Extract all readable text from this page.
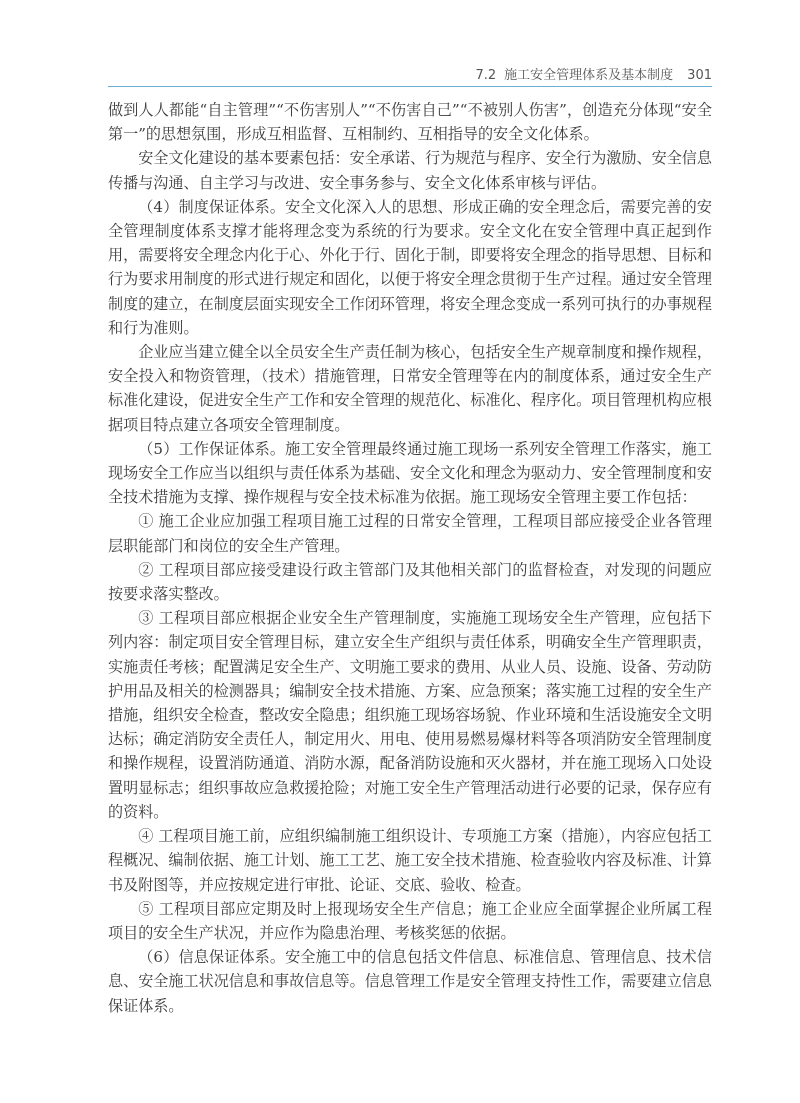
7.2 施工安全管理体系及基本制度 301

做到人人都能“自主管理”“不伤害别人”“不伤害自己”“不被别人伤害”，创造充分体现“安全第一”的思想氛围，形成互相监督、互相制约、互相指导的安全文化体系。

安全文化建设的基本要素包括：安全承诺、行为规范与程序、安全行为激励、安全信息传播与沟通、自主学习与改进、安全事务参与、安全文化体系审核与评估。

（4）制度保证体系。安全文化深入人的思想、形成正确的安全理念后，需要完善的安全管理制度体系支撑才能将理念变为系统的行为要求。安全文化在安全管理中真正起到作用，需要将安全理念内化于心、外化于行、固化于制，即要将安全理念的指导思想、目标和行为要求用制度的形式进行规定和固化，以便于将安全理念贯彻于生产过程。通过安全管理制度的建立，在制度层面实现安全工作闭环管理，将安全理念变成一系列可执行的办事规程和行为准则。

企业应当建立健全以全员安全生产责任制为核心，包括安全生产规章制度和操作规程，安全投入和物资管理，（技术）措施管理，日常安全管理等在内的制度体系，通过安全生产标准化建设，促进安全生产工作和安全管理的规范化、标准化、程序化。项目管理机构应根据项目特点建立各项安全管理制度。

（5）工作保证体系。施工安全管理最终通过施工现场一系列安全管理工作落实，施工现场安全工作应当以组织与责任体系为基础、安全文化和理念为驱动力、安全管理制度和安全技术措施为支撑、操作规程与安全技术标准为依据。施工现场安全管理主要工作包括：

① 施工企业应加强工程项目施工过程的日常安全管理，工程项目部应接受企业各管理层职能部门和岗位的安全生产管理。

② 工程项目部应接受建设行政主管部门及其他相关部门的监督检查，对发现的问题应按要求落实整改。

③ 工程项目部应根据企业安全生产管理制度，实施施工现场安全生产管理，应包括下列内容：制定项目安全管理目标，建立安全生产组织与责任体系，明确安全生产管理职责，实施责任考核；配置满足安全生产、文明施工要求的费用、从业人员、设施、设备、劳动防护用品及相关的检测器具；编制安全技术措施、方案、应急预案；落实施工过程的安全生产措施，组织安全检查，整改安全隐患；组织施工现场容场貌、作业环境和生活设施安全文明达标；确定消防安全责任人，制定用火、用电、使用易燃易爆材料等各项消防安全管理制度和操作规程，设置消防通道、消防水源，配备消防设施和灭火器材，并在施工现场入口处设置明显标志；组织事故应急救援抢险；对施工安全生产管理活动进行必要的记录，保存应有的资料。

④ 工程项目施工前，应组织编制施工组织设计、专项施工方案（措施），内容应包括工程概况、编制依据、施工计划、施工工艺、施工安全技术措施、检查验收内容及标准、计算书及附图等，并应按规定进行审批、论证、交底、验收、检查。

⑤ 工程项目部应定期及时上报现场安全生产信息；施工企业应全面掌握企业所属工程项目的安全生产状况，并应作为隐患治理、考核奖惩的依据。

（6）信息保证体系。安全施工中的信息包括文件信息、标准信息、管理信息、技术信息、安全施工状况信息和事故信息等。信息管理工作是安全管理支持性工作，需要建立信息保证体系。
